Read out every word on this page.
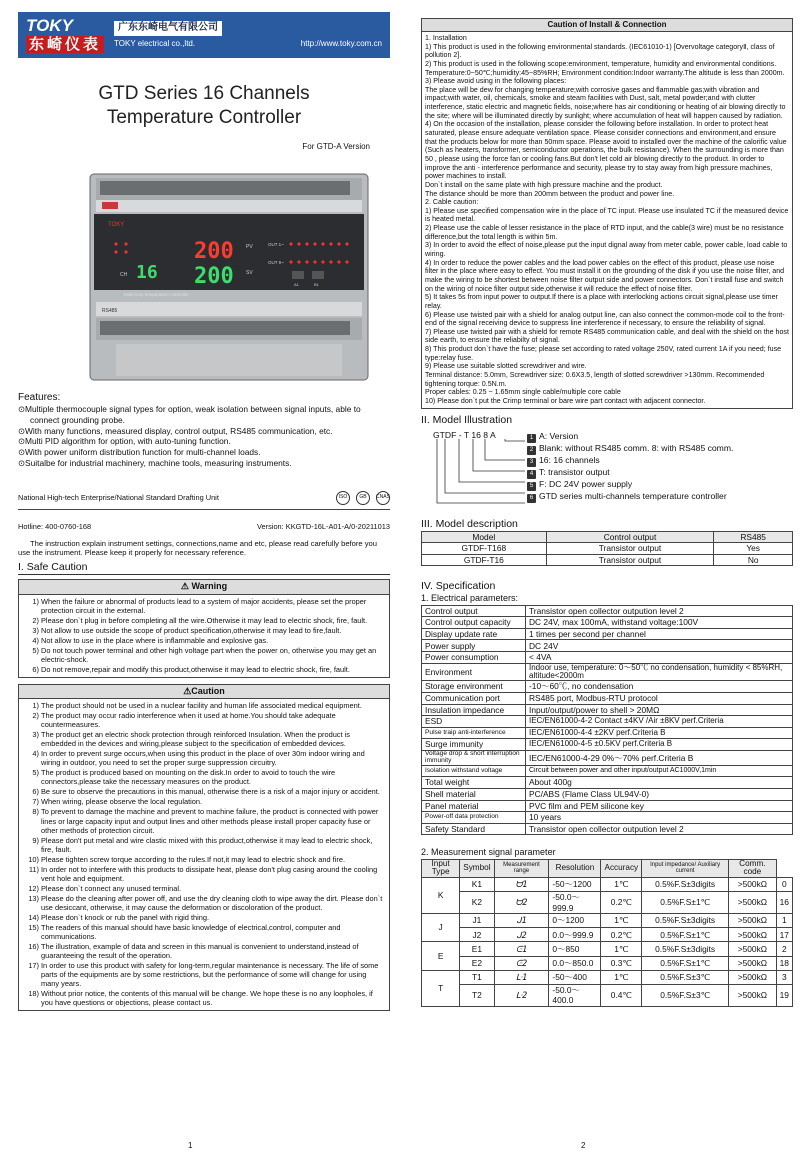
TOKY
东崎仪表
广东东崎电气有限公司
TOKY electrical co.,ltd.	http://www.toky.com.cn
GTD Series 16 Channels
Temperature Controller
For GTD-A Version
TOKY
200
200
16
CH
PV
SV
OUT 1~
OUT 9~
Multi-loop temperature controller
A1	B1
RS485
Features:
⊙Multiple thermocouple signal types for option, weak isolation between signal inputs, able to connect grounding probe.
⊙With many functions, measured display, control output, RS485 communication, etc.
⊙Multi PID algorithm for option, with auto-tuning function.
⊙With power uniform distribution function for multi-channel loads.
⊙Suitalbe for industrial machinery, machine tools, measuring instruments.
National High-tech Enterprise/National Standard Drafting Unit	ISO	GB	CNAS
Hotline: 400-0760-168	Version: KKGTD-16L-A01-A/0-20211013

The instruction explain instrument settings, connections,name and etc, please read carefully before you use the instrument. Please keep it properly for necessary reference.

I. Safe Caution
⚠ Warning
1) When the failure or abnormal of products lead to a system of major accidents, please set the proper protection circuit in the external.
2) Please don`t plug in before completing all the wire.Otherwise it may lead to electric shock, fire, fault.
3) Not allow to use outside the scope of product specification,otherwise it may lead to fire,fault.
4) Not allow to use in the place where is inflammable and explosive gas.
5) Do not touch power terminal and other high voltage part when the power on, otherwise you may get an electric-shock.
6) Do not remove,repair and modify this product,otherwise it may lead to electric shock, fire, fault.
⚠Caution
1) The product should not be used in a nuclear facility and human life associated medical equipment.
2) The product may occur radio interference when it used at home.You should take adequate countermeasures.
3) The product get an electric shock protection through reinforced Insulation. When the product is embedded in the devices and wiring,please subject to the specification of embedded devices.
4) In order to prevent surge occurs,when using this product in the place of over 30m indoor wiring and wiring in outdoor, you need to set the proper surge suppression circuitry.
5) The product is produced based on mounting on the disk.In order to avoid to touch the wire connectors,please take the necessary measures on the product.
6) Be sure to observe the precautions in this manual, otherwise there is a risk of a major injury or accident.
7) When wiring, please observe the local regulation.
8) To prevent to damage the machine and prevent to machine failure, the product is connected with power lines or large capacity input and output lines and other methods please install proper capacity fuse or other methods of protection circuit.
9) Please don't put metal and wire clastic mixed with this product,otherwise it may lead to electric shock, fire, fault.
10) Please tighten screw torque according to the rules.If not,it may lead to electric shock and fire.
11) In order not to interfere with this products to dissipate heat, please don't plug casing around the cooling vent hole and equipment.
12) Please don`t connect any unused terminal.
13) Please do the cleaning after power off, and use the dry cleaning cloth to wipe away the dirt. Please don`t use desiccant, otherwise, it may cause the deformation or discoloration of the product.
14) Please don`t knock or rub the panel with rigid thing.
15) The readers of this manual should have basic knowledge of electrical,control, computer and communications.
16) The illustration, example of data and screen in this manual is convenient to understand,instead of guaranteeing the result of the operation.
17) In order to use this product with safety for long-term,regular maintenance is necessary. The life of some parts of the equipments are by some restrictions, but the performance of some will change for using many years.
18) Without prior notice, the contents of this manual will be change. We hope these is no any loopholes, if you have questions or objections, please contact us.
1
Caution of Install & Connection
1. Installation
1) This product is used in the following environmental standards. (IEC61010-1) [Overvoltage categoryⅡ, class of pollution 2].
2) This product is used in the following scope:environment, temperature, humidity and environmental conditions. Temperature:0~50℃;humidity:45~85%RH; Environment condition:Indoor warranty.The altitude is less than 2000m.
3) Please avoid using in the following places:
The place will be dew for changing temperature;with corrosive gases and flammable gas;with vibration and impact;with water, oil, chemicals, smoke and steam facilities with Dust, salt, metal powder;and with clutter interference, static electric and magnetic fields, noise;where has air conditioning or heating of air blowing directly to the site; where will be illuminated directly by sunlight; where accumulation of heat will happen caused by radiation.
4) On the occasion of the installation, please consider the following before installation. In order to protect heat saturated, please ensure adequate ventilation space. Please consider connections and environment,and ensure that the products below for more than 50mm space. Please avoid to installed over the machine of the calorific value (Such as heaters, transformer, semiconductor operations, the bulk resistance). When the surrounding is more than 50 , please using the force fan or cooling fans.But don't let cold air blowing directly to the product. In order to improve the anti - interference performance and security, please try to stay away from high pressure machines, power machines to install.
Don`t install on the same plate with high pressure machine and the product.
The distance should be more than 200mm between the product and power line.
2. Cable caution:
1) Please use specified compensation wire in the place of TC input. Please use insulated TC if the measured device is heated metal.
2) Please use the cable of lesser resistance in the place of RTD input, and the cable(3 wire) must be no resistance difference,but the total length is within 5m.
3) In order to avoid the effect of noise,please put the input dignal away from meter cable, power cable, load cable to wiring.
4) In order to reduce the power cables and the load power cables on the effect of this product, please use noise filter in the place where easy to effect. You must install it on the grounding of the disk if you use the noise filter, and make the wiring to be shortest between noise filter output side and power connectors. Don`t install fuse and switch on the wiring of noice filter output side,otherwise it will reduce the effect of noise filter.
5) It takes 5s from input power to output.If there is a place with interlocking actions circuit signal,please use timer relay.
6) Please use twisted pair with a shield for analog output line, can also connect the common-mode coil to the front-end of the signal receiving device to suppress line interference if necessary, to ensure the reliability of signal.
7) Please use twisted pair with a shield for remote RS485 communication cable, and deal with the shield on the host side earth, to ensure the reliabilty of signal.
8) This product don`t have the fuse; please set according to rated voltage 250V, rated current 1A if you need; fuse type:relay fuse.
9) Please use suitable slotted screwdriver and wire.
Terminal distance: 5.0mm, Screwdriver size: 0.6X3.5, length of slotted screwdriver >130mm. Recommended tightening torque: 0.5N.m.
Proper cables: 0.25 ~ 1.65mm single cable/multiple core cable
10) Please don`t put the Crimp terminal or bare wire part contact with adjacent connector.
II. Model Illustration
GTDF - T 16 8 A	1 A: Version
2 Blank: without RS485 comm. 8: with RS485 comm.
3 16: 16 channels
4 T: transistor output
5 F: DC 24V power supply
6 GTD series multi-channels temperature controller
III. Model description
Model	Control output	RS485
GTDF-T168	Transistor output	Yes
GTDF-T16	Transistor output	No
IV. Specification
1. Electrical parameters:
Control output	Transistor open collector outpution level 2
Control output capacity	DC 24V, max 100mA, withstand voltage:100V
Display update rate	1 times per second per channel
Power supply	DC 24V
Power consumption	< 4VA
Environment	Indoor use, temperature: 0～50℃ no condensation, humidity < 85%RH, altitude<2000m
Storage environment	-10～60℃, no condensation
Communication port	RS485 port, Modbus-RTU protocol
Insulation impedance	Input/output/power to shell > 20MΩ
ESD	IEC/EN61000-4-2 Contact ±4KV /Air ±8KV perf.Criteria
Pulse traip anti-interference	IEC/EN61000-4-4 ±2KV perf.Criteria B
Surge immunity	IEC/EN61000-4-5 ±0.5KV perf.Criteria B
Voltage drop & short interruption immunity	IEC/EN61000-4-29 0%～70% perf.Criteria B
Isolation withstand voltage	Circuit between power and other input/output AC1000V,1min
Total weight	About 400g
Shell material	PC/ABS (Flame Class UL94V-0)
Panel material	PVC film and PEM silicone key
Power-off data protection	10 years
Safety Standard	Transistor open collector outpution level 2
2. Measurement signal parameter
Input Type	Symbol	Measurement range	Resolution	Accuracy	Input impedance/ Auxiliary current	Comm. code	
K	K1	ᗨ1	-50～1200	1℃	0.5%F.S±3digits	>500kΩ	0
	K2	ᗨ2	-50.0～999.9	0.2℃	0.5%F.S±1℃	>500kΩ	16
J	J1	ᒍ1	0～1200	1℃	0.5%F.S±3digits	>500kΩ	1
	J2	ᒍ2	0.0～999.9	0.2℃	0.5%F.S±1℃	>500kΩ	17
E	E1	ᕮ1	0～850	1℃	0.5%F.S±3digits	>500kΩ	2
	E2	ᕮ2	0.0～850.0	0.3℃	0.5%F.S±1℃	>500kΩ	18
T	T1	ᒷ1	-50～400	1℃	0.5%F.S±3℃	>500kΩ	3
	T2	ᒷ2	-50.0～400.0	0.4℃	0.5%F.S±3℃	>500kΩ	19
2
